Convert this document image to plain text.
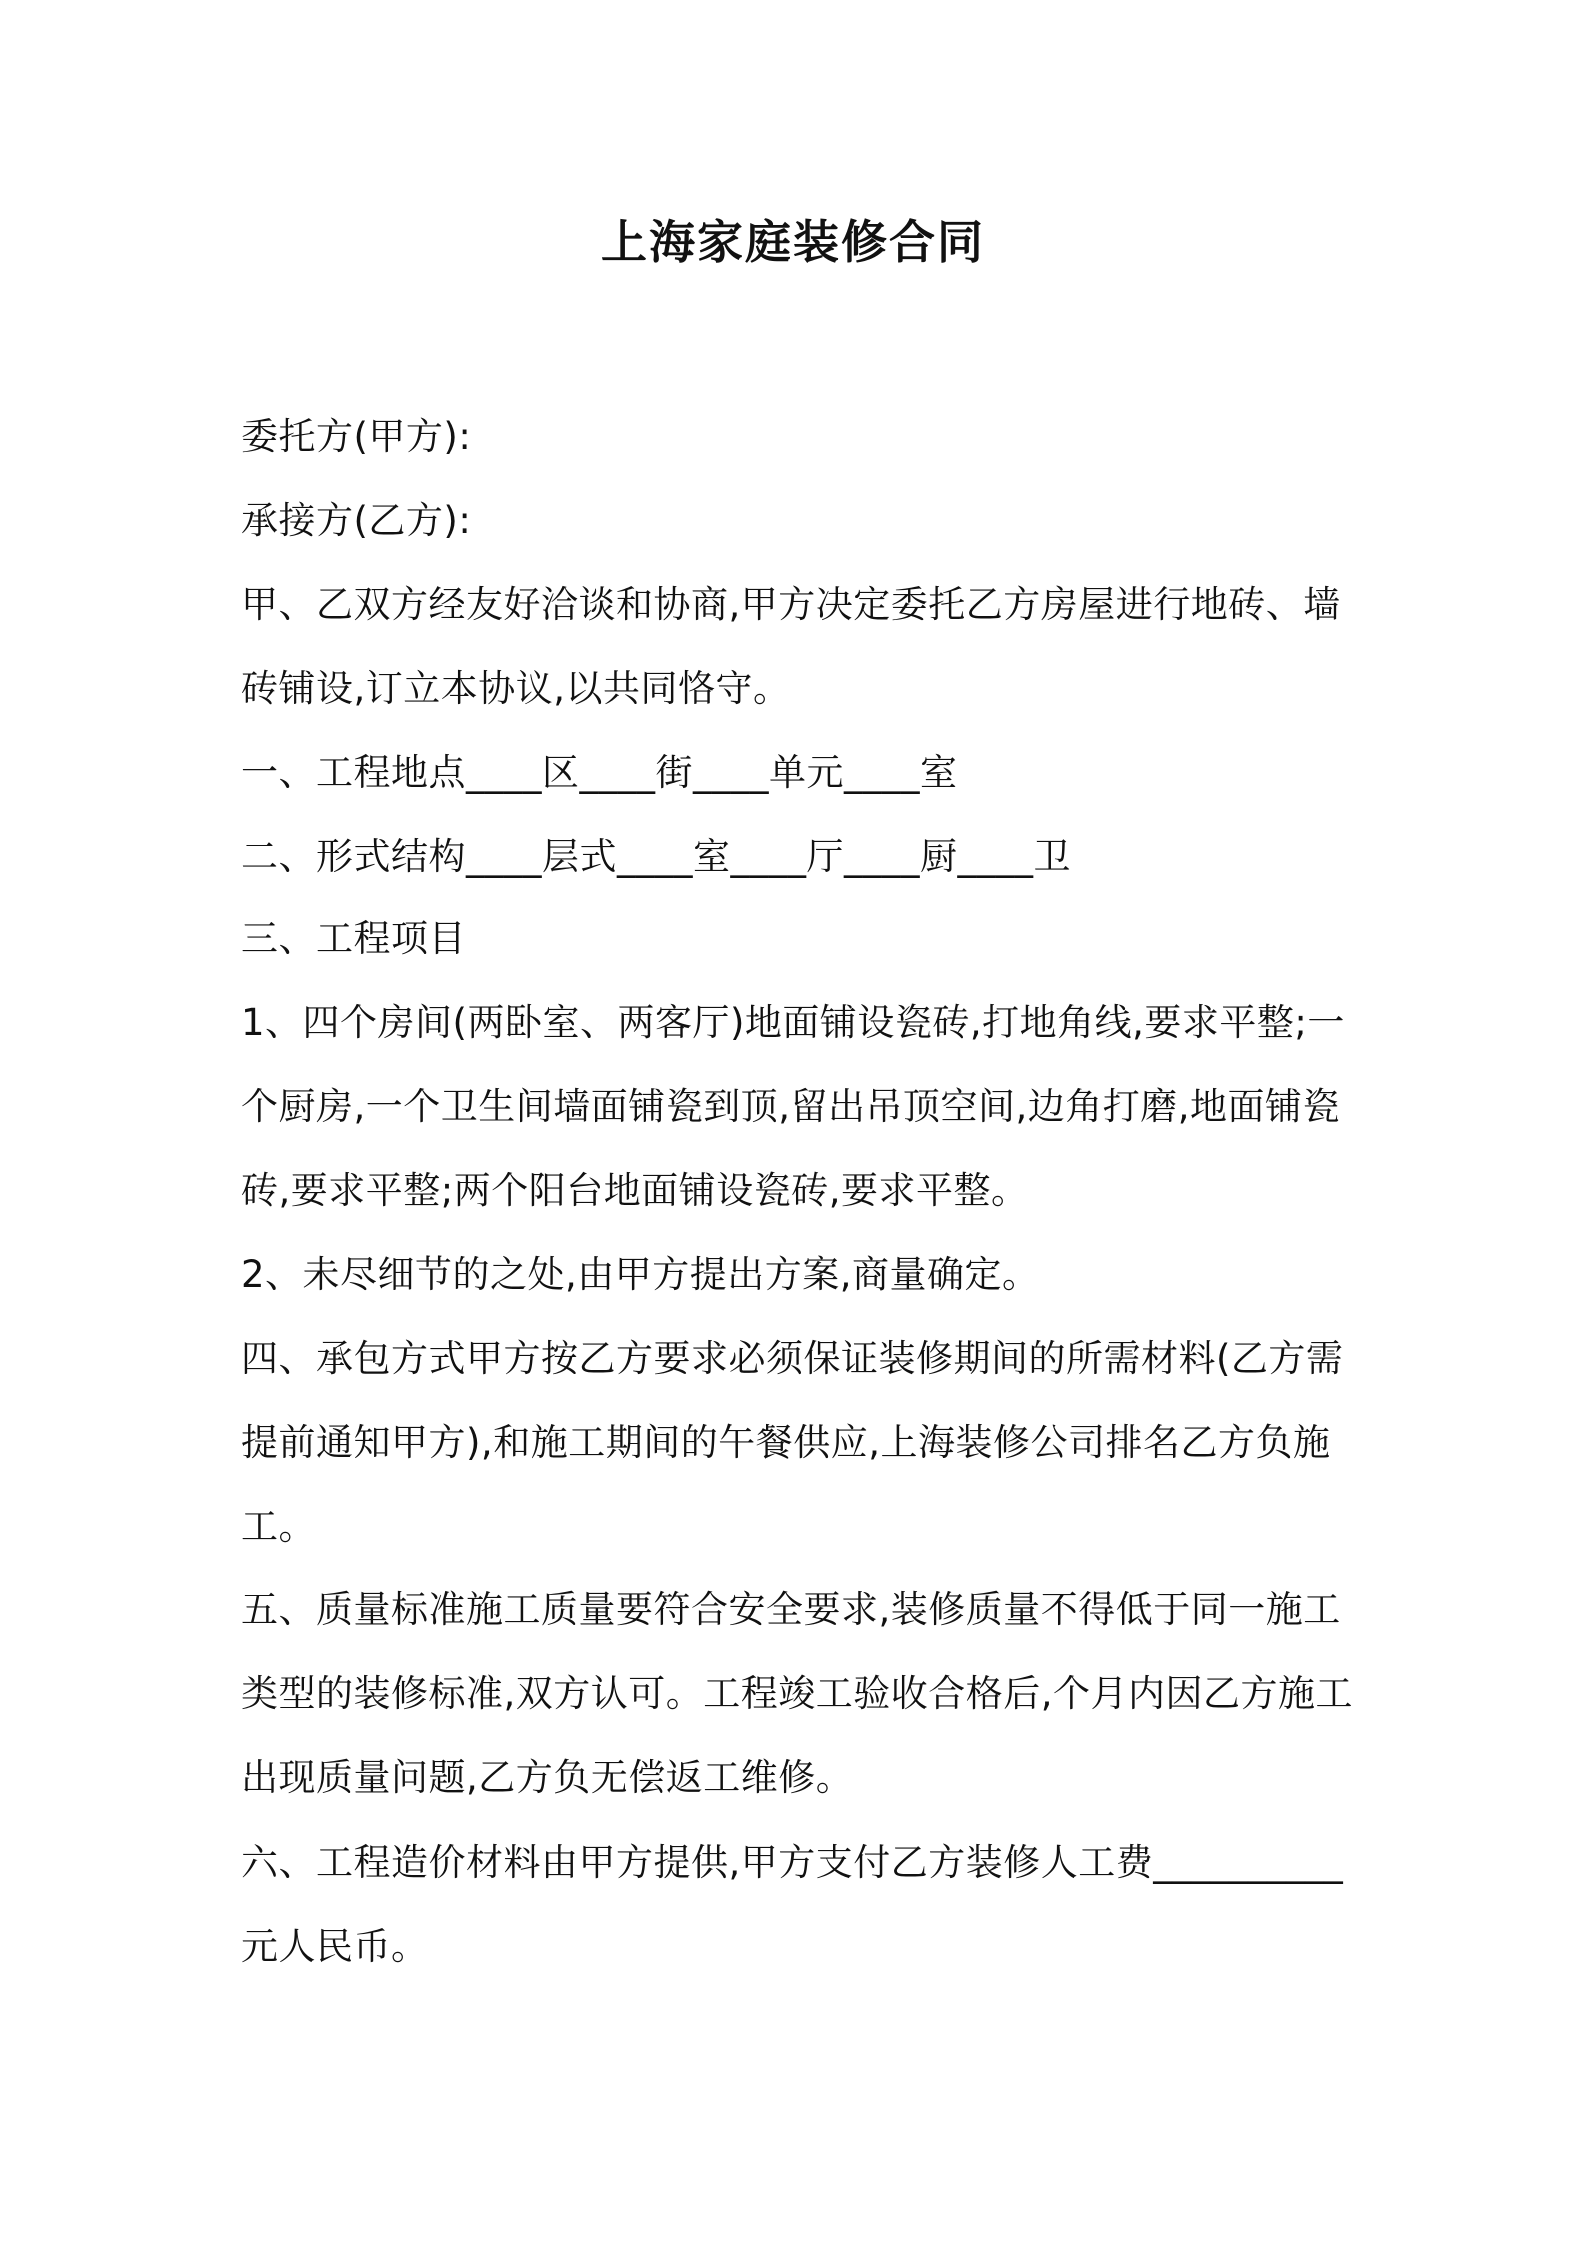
上海家庭装修合同
委托方(甲方):
承接方(乙方):
甲、乙双方经友好洽谈和协商,甲方决定委托乙方房屋进行地砖、墙
砖铺设,订立本协议,以共同恪守。
一、工程地点____区____街____单元____室
二、形式结构____层式____室____厅____厨____卫
三、工程项目
1、四个房间(两卧室、两客厅)地面铺设瓷砖,打地角线,要求平整;一
个厨房,一个卫生间墙面铺瓷到顶,留出吊顶空间,边角打磨,地面铺瓷
砖,要求平整;两个阳台地面铺设瓷砖,要求平整。
2、未尽细节的之处,由甲方提出方案,商量确定。
四、承包方式甲方按乙方要求必须保证装修期间的所需材料(乙方需
提前通知甲方),和施工期间的午餐供应,上海装修公司排名乙方负施
工。
五、质量标准施工质量要符合安全要求,装修质量不得低于同一施工
类型的装修标准,双方认可。工程竣工验收合格后,个月内因乙方施工
出现质量问题,乙方负无偿返工维修。
六、工程造价材料由甲方提供,甲方支付乙方装修人工费__________
元人民币。
